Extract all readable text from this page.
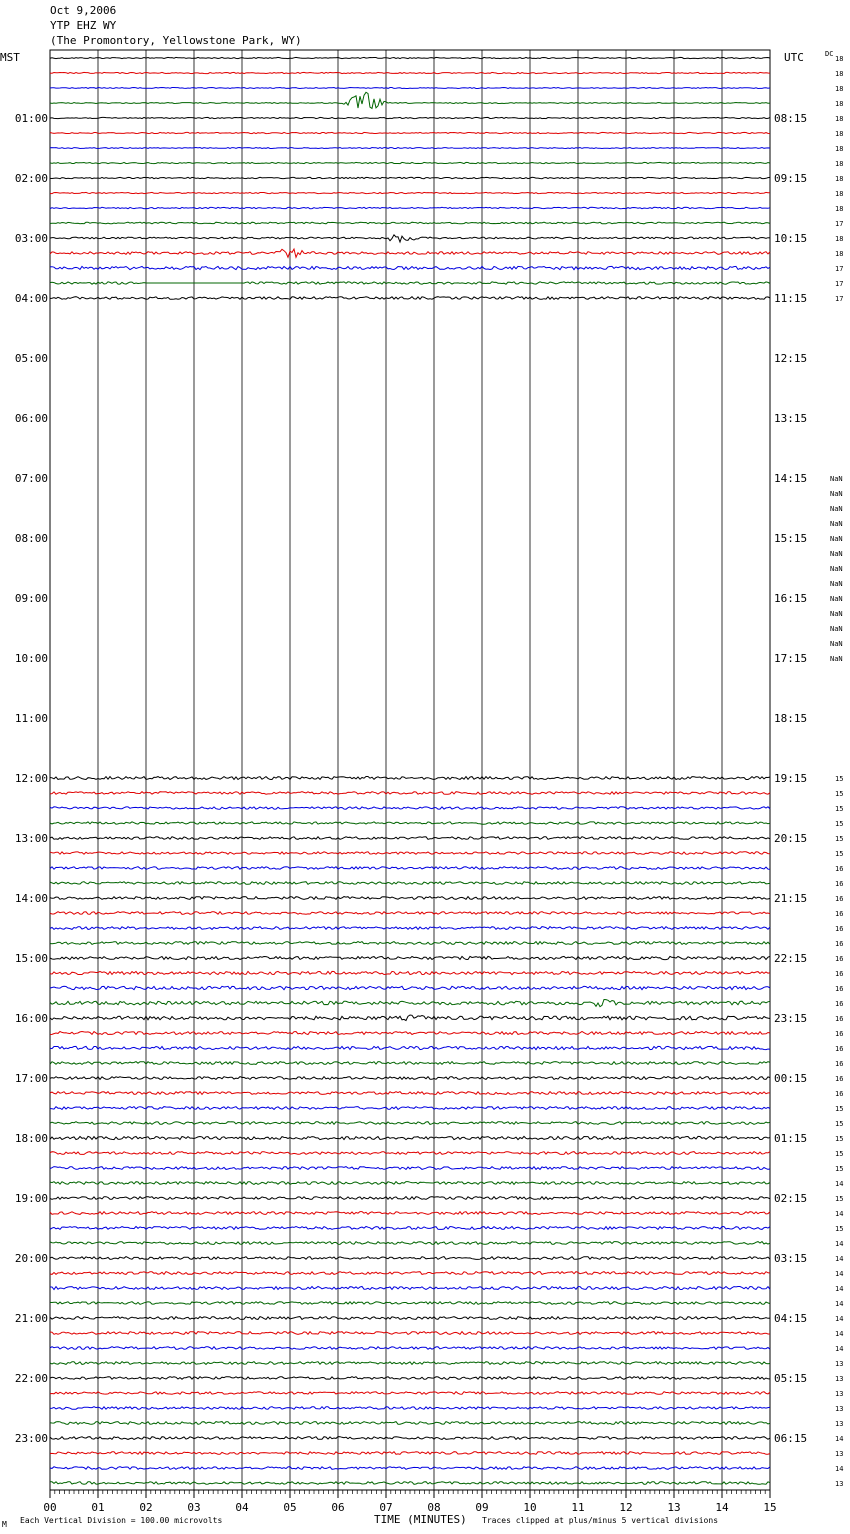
Oct 9,2006
YTP EHZ WY
(The Promontory, Yellowstone Park, WY)
00	01	02	03	04	05	06	07	08	09	10	11	12	13	14	15
01:00	08:15
02:00	09:15
03:00	10:15
04:00	11:15
05:00	12:15
06:00	13:15
07:00	14:15
08:00	15:15
09:00	16:15
10:00	17:15
11:00	18:15
12:00	19:15
13:00	20:15
14:00	21:15
15:00	22:15
16:00	23:15
17:00	00:15
18:00	01:15
19:00	02:15
20:00	03:15
21:00	04:15
22:00	05:15
23:00	06:15
18
18
18
18
18
18
18
18
18
18
18
17
18
18
17
17
17
NaN
NaN
NaN
NaN
NaN
NaN
NaN
NaN
NaN
NaN
NaN
NaN
NaN
15
15
15
15
15
15
16
16
16
16
16
16
16
16
16
16
16
16
16
16
16
16
15
15
15
15
15
14
15
14
15
14
14
14
14
14
14
14
14
13
13
13
13
13
14
13
14
13
MST	UTC	DC
TIME (MINUTES)
Each Vertical Division = 100.00 microvolts	Traces clipped at plus/minus 5 vertical divisions
M
